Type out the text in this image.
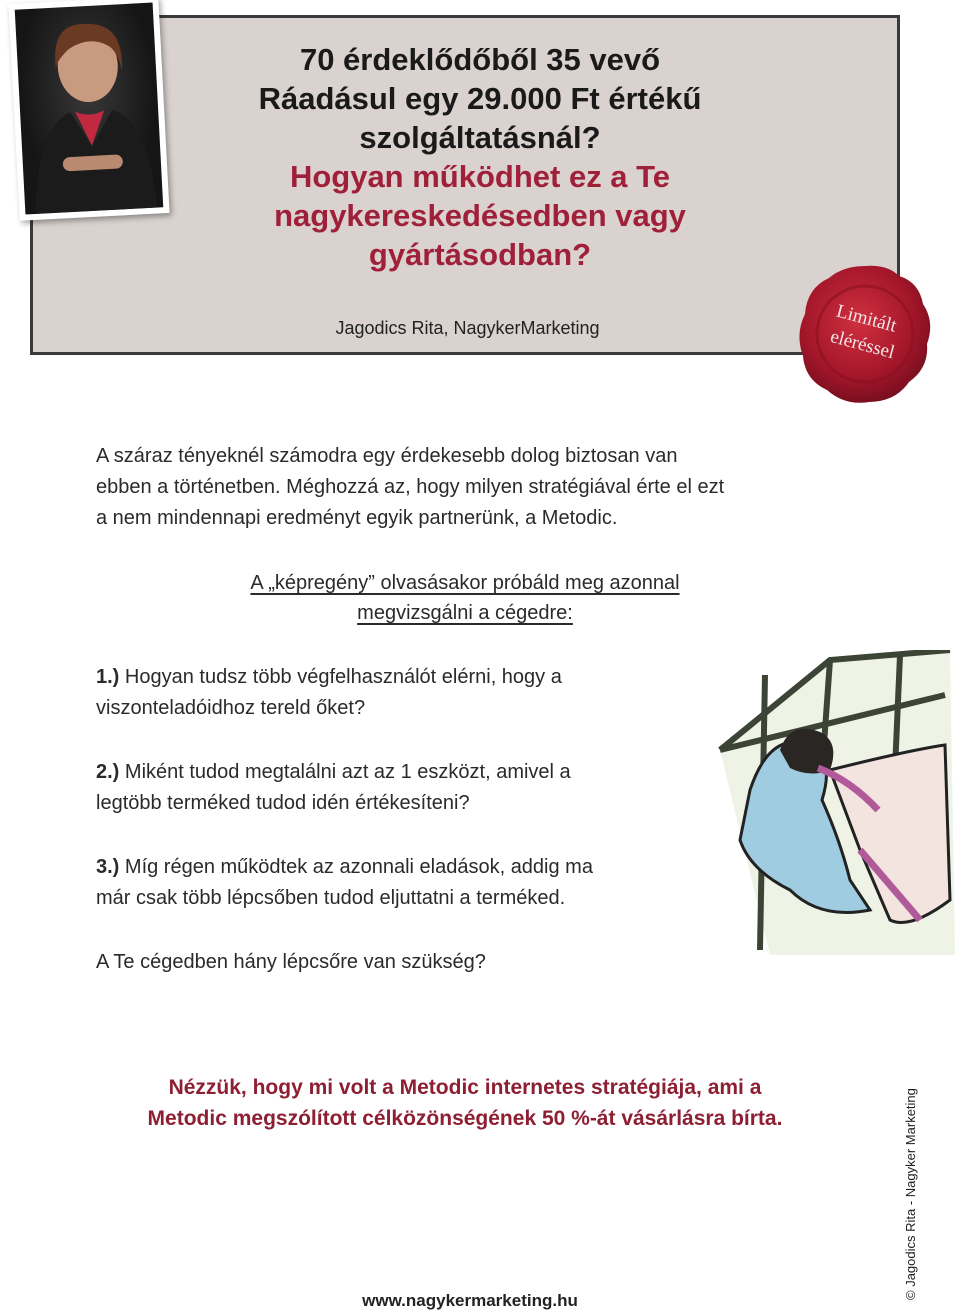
70 érdeklődőből 35 vevő
Ráadásul egy 29.000 Ft értékű
szolgáltatásnál?
Hogyan működhet ez a Te
nagykereskedésedben vagy
gyártásodban?
Jagodics Rita, NagykerMarketing	Limitált
eléréssel
A száraz tényeknél számodra egy érdekesebb dolog biztosan van
ebben a történetben. Méghozzá az, hogy milyen stratégiával érte el ezt
a nem mindennapi eredményt egyik partnerünk, a Metodic.
A „képregény” olvasásakor próbáld meg azonnal
megvizsgálni a cégedre:
1.) Hogyan tudsz több végfelhasználót elérni, hogy a
viszonteladóidhoz tereld őket?
2.) Miként tudod megtalálni azt az 1 eszközt, amivel a
legtöbb terméked tudod idén értékesíteni?
3.) Míg régen működtek az azonnali eladások, addig ma
már csak több lépcsőben tudod eljuttatni a terméked.
A Te cégedben hány lépcsőre van szükség?
Nézzük, hogy mi volt a Metodic internetes stratégiája, ami a
Metodic megszólított célközönségének 50 %-át vásárlásra bírta.
www.nagykermarketing.hu
© Jagodics Rita - Nagyker Marketing
